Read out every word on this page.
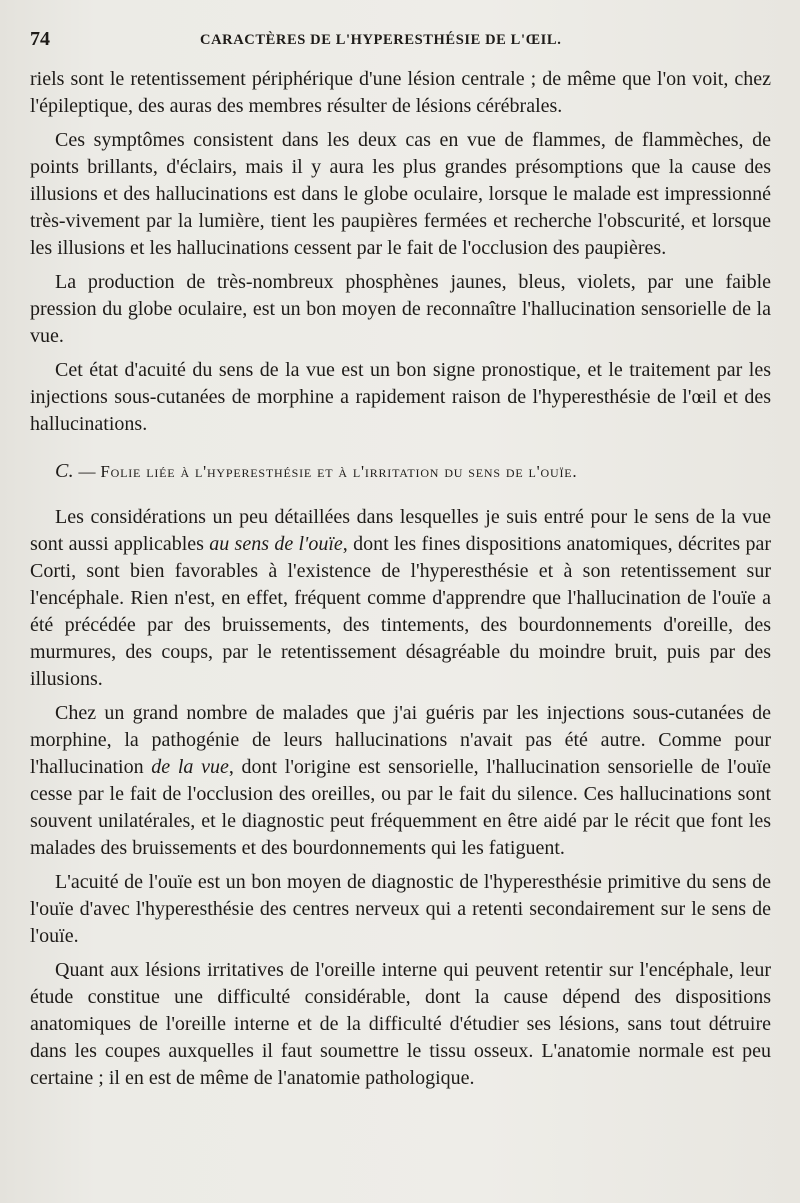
74	CARACTÈRES DE L'HYPERESTHÉSIE DE L'ŒIL.

riels sont le retentissement périphérique d'une lésion centrale ; de même que l'on voit, chez l'épileptique, des auras des membres résulter de lésions cérébrales.

Ces symptômes consistent dans les deux cas en vue de flammes, de flammèches, de points brillants, d'éclairs, mais il y aura les plus grandes présomptions que la cause des illusions et des hallucinations est dans le globe oculaire, lorsque le malade est impressionné très-vivement par la lumière, tient les paupières fermées et recherche l'obscurité, et lorsque les illusions et les hallucinations cessent par le fait de l'occlusion des paupières.

La production de très-nombreux phosphènes jaunes, bleus, violets, par une faible pression du globe oculaire, est un bon moyen de reconnaître l'hallucination sensorielle de la vue.

Cet état d'acuité du sens de la vue est un bon signe pronostique, et le traitement par les injections sous-cutanées de morphine a rapidement raison de l'hyperesthésie de l'œil et des hallucinations.

C. — Folie liée à l'hyperesthésie et à l'irritation du sens de l'ouïe.

Les considérations un peu détaillées dans lesquelles je suis entré pour le sens de la vue sont aussi applicables au sens de l'ouïe, dont les fines dispositions anatomiques, décrites par Corti, sont bien favorables à l'existence de l'hyperesthésie et à son retentissement sur l'encéphale. Rien n'est, en effet, fréquent comme d'apprendre que l'hallucination de l'ouïe a été précédée par des bruissements, des tintements, des bourdonnements d'oreille, des murmures, des coups, par le retentissement désagréable du moindre bruit, puis par des illusions.

Chez un grand nombre de malades que j'ai guéris par les injections sous-cutanées de morphine, la pathogénie de leurs hallucinations n'avait pas été autre. Comme pour l'hallucination de la vue, dont l'origine est sensorielle, l'hallucination sensorielle de l'ouïe cesse par le fait de l'occlusion des oreilles, ou par le fait du silence. Ces hallucinations sont souvent unilatérales, et le diagnostic peut fréquemment en être aidé par le récit que font les malades des bruissements et des bourdonnements qui les fatiguent.

L'acuité de l'ouïe est un bon moyen de diagnostic de l'hyperesthésie primitive du sens de l'ouïe d'avec l'hyperesthésie des centres nerveux qui a retenti secondairement sur le sens de l'ouïe.

Quant aux lésions irritatives de l'oreille interne qui peuvent retentir sur l'encéphale, leur étude constitue une difficulté considérable, dont la cause dépend des dispositions anatomiques de l'oreille interne et de la difficulté d'étudier ses lésions, sans tout détruire dans les coupes auxquelles il faut soumettre le tissu osseux. L'anatomie normale est peu certaine ; il en est de même de l'anatomie pathologique.
